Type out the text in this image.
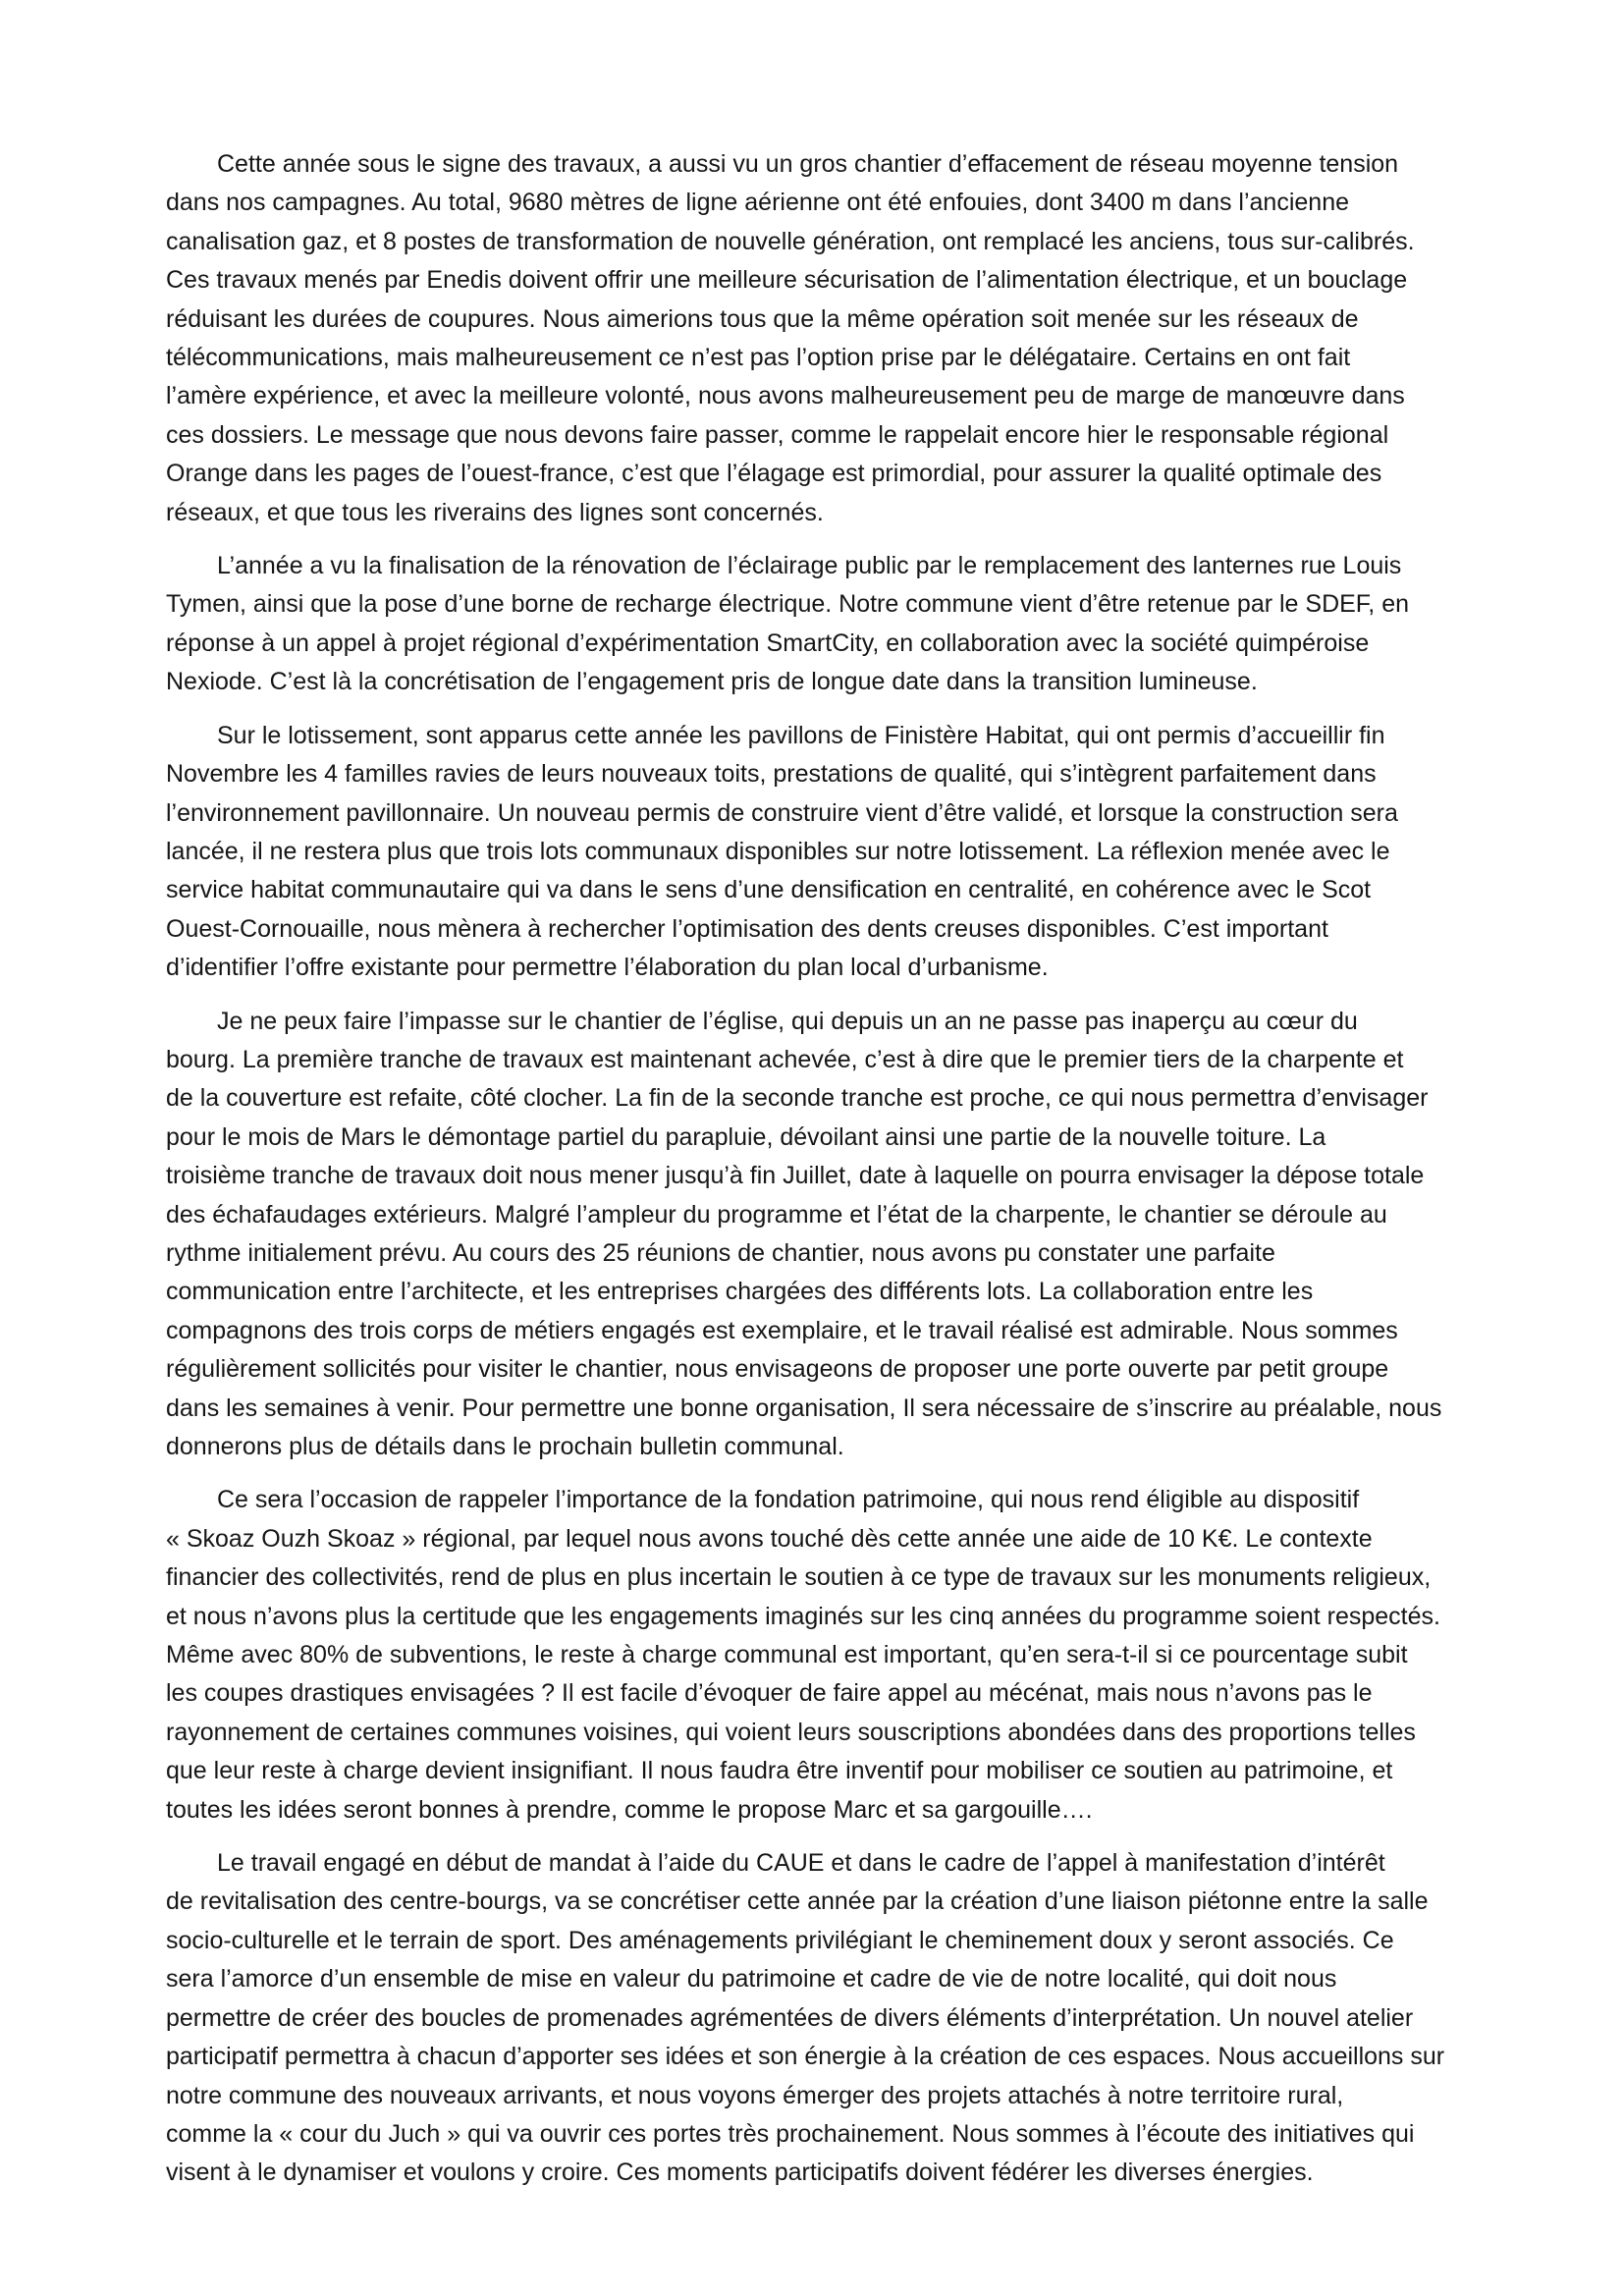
Cette année sous le signe des travaux, a aussi vu un gros chantier d’effacement de réseau moyenne tension
dans nos campagnes. Au total, 9680 mètres de ligne aérienne ont été enfouies, dont 3400 m dans l’ancienne
canalisation gaz, et 8 postes de transformation de nouvelle génération, ont remplacé les anciens, tous sur-calibrés.
Ces travaux menés par Enedis doivent offrir une meilleure sécurisation de l’alimentation électrique, et un bouclage
réduisant les durées de coupures. Nous aimerions tous que la même opération soit menée sur les réseaux de
télécommunications, mais malheureusement ce n’est pas l’option prise par le délégataire. Certains en ont fait
l’amère expérience, et avec la meilleure volonté, nous avons malheureusement peu de marge de manœuvre dans
ces dossiers. Le message que nous devons faire passer, comme le rappelait encore hier le responsable régional
Orange dans les pages de l’ouest-france, c’est que l’élagage est primordial, pour assurer la qualité optimale des
réseaux, et que tous les riverains des lignes sont concernés.
L’année a vu la finalisation de la rénovation de l’éclairage public par le remplacement des lanternes rue Louis
Tymen, ainsi que la pose d’une borne de recharge électrique. Notre commune vient d’être retenue par le SDEF, en
réponse à un appel à projet régional d’expérimentation SmartCity, en collaboration avec la société quimpéroise
Nexiode. C’est là la concrétisation de l’engagement pris de longue date dans la transition lumineuse.
Sur le lotissement, sont apparus cette année les pavillons de Finistère Habitat, qui ont permis d’accueillir fin
Novembre les 4 familles ravies de leurs nouveaux toits, prestations de qualité, qui s’intègrent parfaitement dans
l’environnement pavillonnaire. Un nouveau permis de construire vient d’être validé, et lorsque la construction sera
lancée, il ne restera plus que trois lots communaux disponibles sur notre lotissement. La réflexion menée avec le
service habitat communautaire qui va dans le sens d’une densification en centralité, en cohérence avec le Scot
Ouest-Cornouaille, nous mènera à rechercher l’optimisation des dents creuses disponibles. C’est important
d’identifier l’offre existante pour permettre l’élaboration du plan local d’urbanisme.
Je ne peux faire l’impasse sur le chantier de l’église, qui depuis un an ne passe pas inaperçu au cœur du
bourg. La première tranche de travaux est maintenant achevée, c’est à dire que le premier tiers de la charpente et
de la couverture est refaite, côté clocher. La fin de la seconde tranche est proche, ce qui nous permettra d’envisager
pour le mois de Mars le démontage partiel du parapluie, dévoilant ainsi une partie de la nouvelle toiture. La
troisième tranche de travaux doit nous mener jusqu’à fin Juillet, date à laquelle on pourra envisager la dépose totale
des échafaudages extérieurs. Malgré l’ampleur du programme et l’état de la charpente, le chantier se déroule au
rythme initialement prévu. Au cours des 25 réunions de chantier, nous avons pu constater une parfaite
communication entre l’architecte, et les entreprises chargées des différents lots. La collaboration entre les
compagnons des trois corps de métiers engagés est exemplaire, et le travail réalisé est admirable. Nous sommes
régulièrement sollicités pour visiter le chantier, nous envisageons de proposer une porte ouverte par petit groupe
dans les semaines à venir. Pour permettre une bonne organisation, Il sera nécessaire de s’inscrire au préalable, nous
donnerons plus de détails dans le prochain bulletin communal.
Ce sera l’occasion de rappeler l’importance de la fondation patrimoine, qui nous rend éligible au dispositif
« Skoaz Ouzh Skoaz » régional, par lequel nous avons touché dès cette année une aide de 10 K€. Le contexte
financier des collectivités, rend de plus en plus incertain le soutien à ce type de travaux sur les monuments religieux,
et nous n’avons plus la certitude que les engagements imaginés sur les cinq années du programme soient respectés.
Même avec 80% de subventions, le reste à charge communal est important, qu’en sera-t-il si ce pourcentage subit
les coupes drastiques envisagées ? Il est facile d’évoquer de faire appel au mécénat, mais nous n’avons pas le
rayonnement de certaines communes voisines, qui voient leurs souscriptions abondées dans des proportions telles
que leur reste à charge devient insignifiant. Il nous faudra être inventif pour mobiliser ce soutien au patrimoine, et
toutes les idées seront bonnes à prendre, comme le propose Marc et sa gargouille….
Le travail engagé en début de mandat à l’aide du CAUE et dans le cadre de l’appel à manifestation d’intérêt
de revitalisation des centre-bourgs, va se concrétiser cette année par la création d’une liaison piétonne entre la salle
socio-culturelle et le terrain de sport. Des aménagements privilégiant le cheminement doux y seront associés. Ce
sera l’amorce d’un ensemble de mise en valeur du patrimoine et cadre de vie de notre localité, qui doit nous
permettre de créer des boucles de promenades agrémentées de divers éléments d’interprétation. Un nouvel atelier
participatif permettra à chacun d’apporter ses idées et son énergie à la création de ces espaces. Nous accueillons sur
notre commune des nouveaux arrivants, et nous voyons émerger des projets attachés à notre territoire rural,
comme la « cour du Juch » qui va ouvrir ces portes très prochainement. Nous sommes à l’écoute des initiatives qui
visent à le dynamiser et voulons y croire. Ces moments participatifs doivent fédérer les diverses énergies.
